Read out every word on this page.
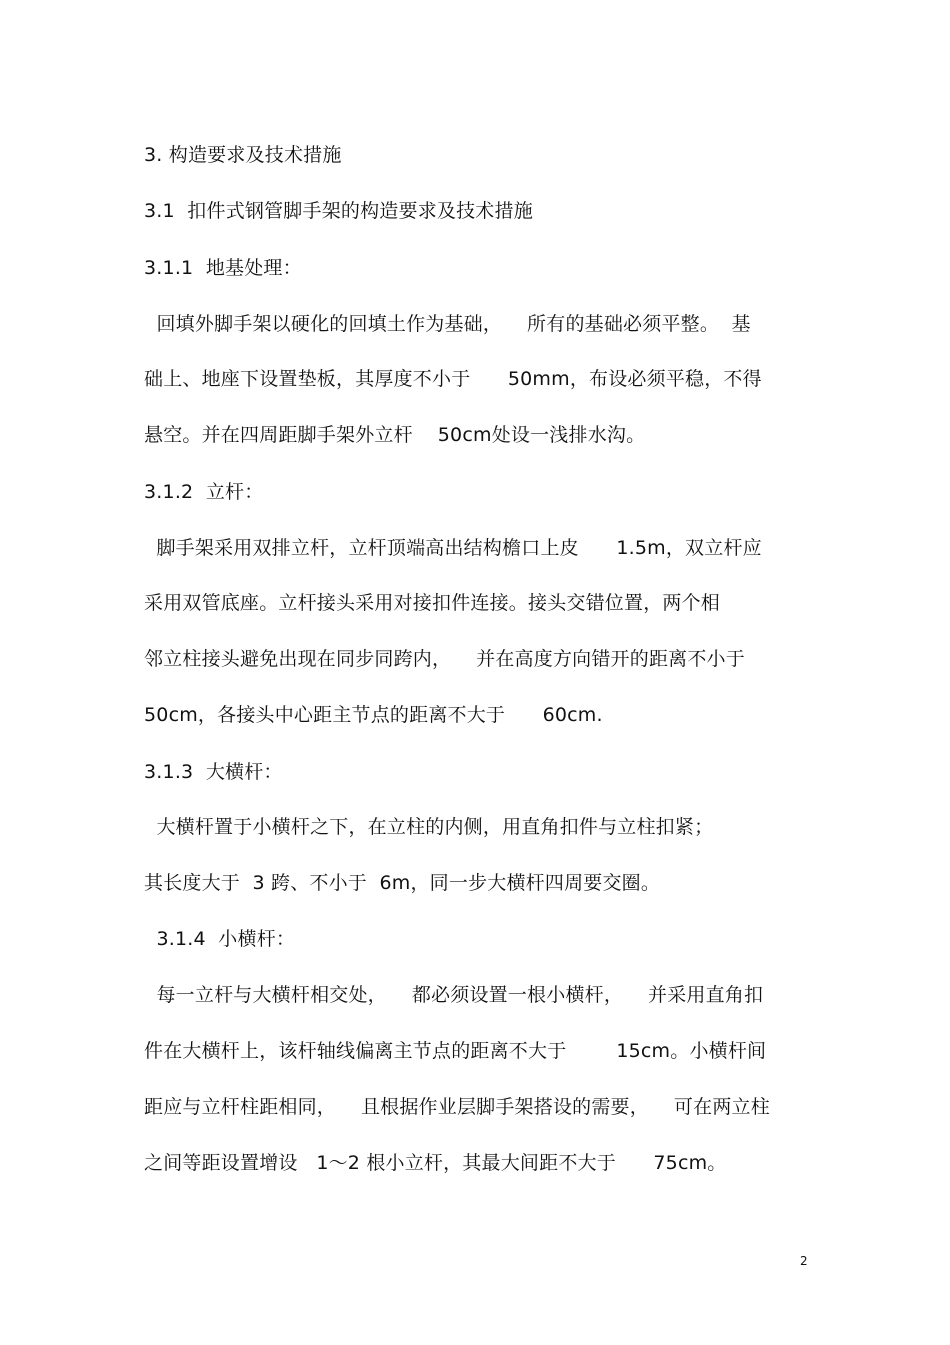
3. 构造要求及技术措施
3.1  扣件式钢管脚手架的构造要求及技术措施
3.1.1  地基处理：
回填外脚手架以硬化的回填土作为基础，    所有的基础必须平整。  基
础上、地座下设置垫板，其厚度不小于      50mm，布设必须平稳，不得
悬空。并在四周距脚手架外立杆    50cm处设一浅排水沟。
3.1.2  立杆：
脚手架采用双排立杆，立杆顶端高出结构檐口上皮      1.5m，双立杆应
采用双管底座。立杆接头采用对接扣件连接。接头交错位置，两个相
邻立柱接头避免出现在同步同跨内，    并在高度方向错开的距离不小于
50cm，各接头中心距主节点的距离不大于      60cm.
3.1.3  大横杆：
大横杆置于小横杆之下，在立柱的内侧，用直角扣件与立柱扣紧；
其长度大于  3 跨、不小于  6m，同一步大横杆四周要交圈。
3.1.4  小横杆：
每一立杆与大横杆相交处，    都必须设置一根小横杆，    并采用直角扣
件在大横杆上，该杆轴线偏离主节点的距离不大于        15cm。小横杆间
距应与立杆柱距相同，    且根据作业层脚手架搭设的需要，    可在两立柱
之间等距设置增设   1～2 根小立杆，其最大间距不大于      75cm。
2
